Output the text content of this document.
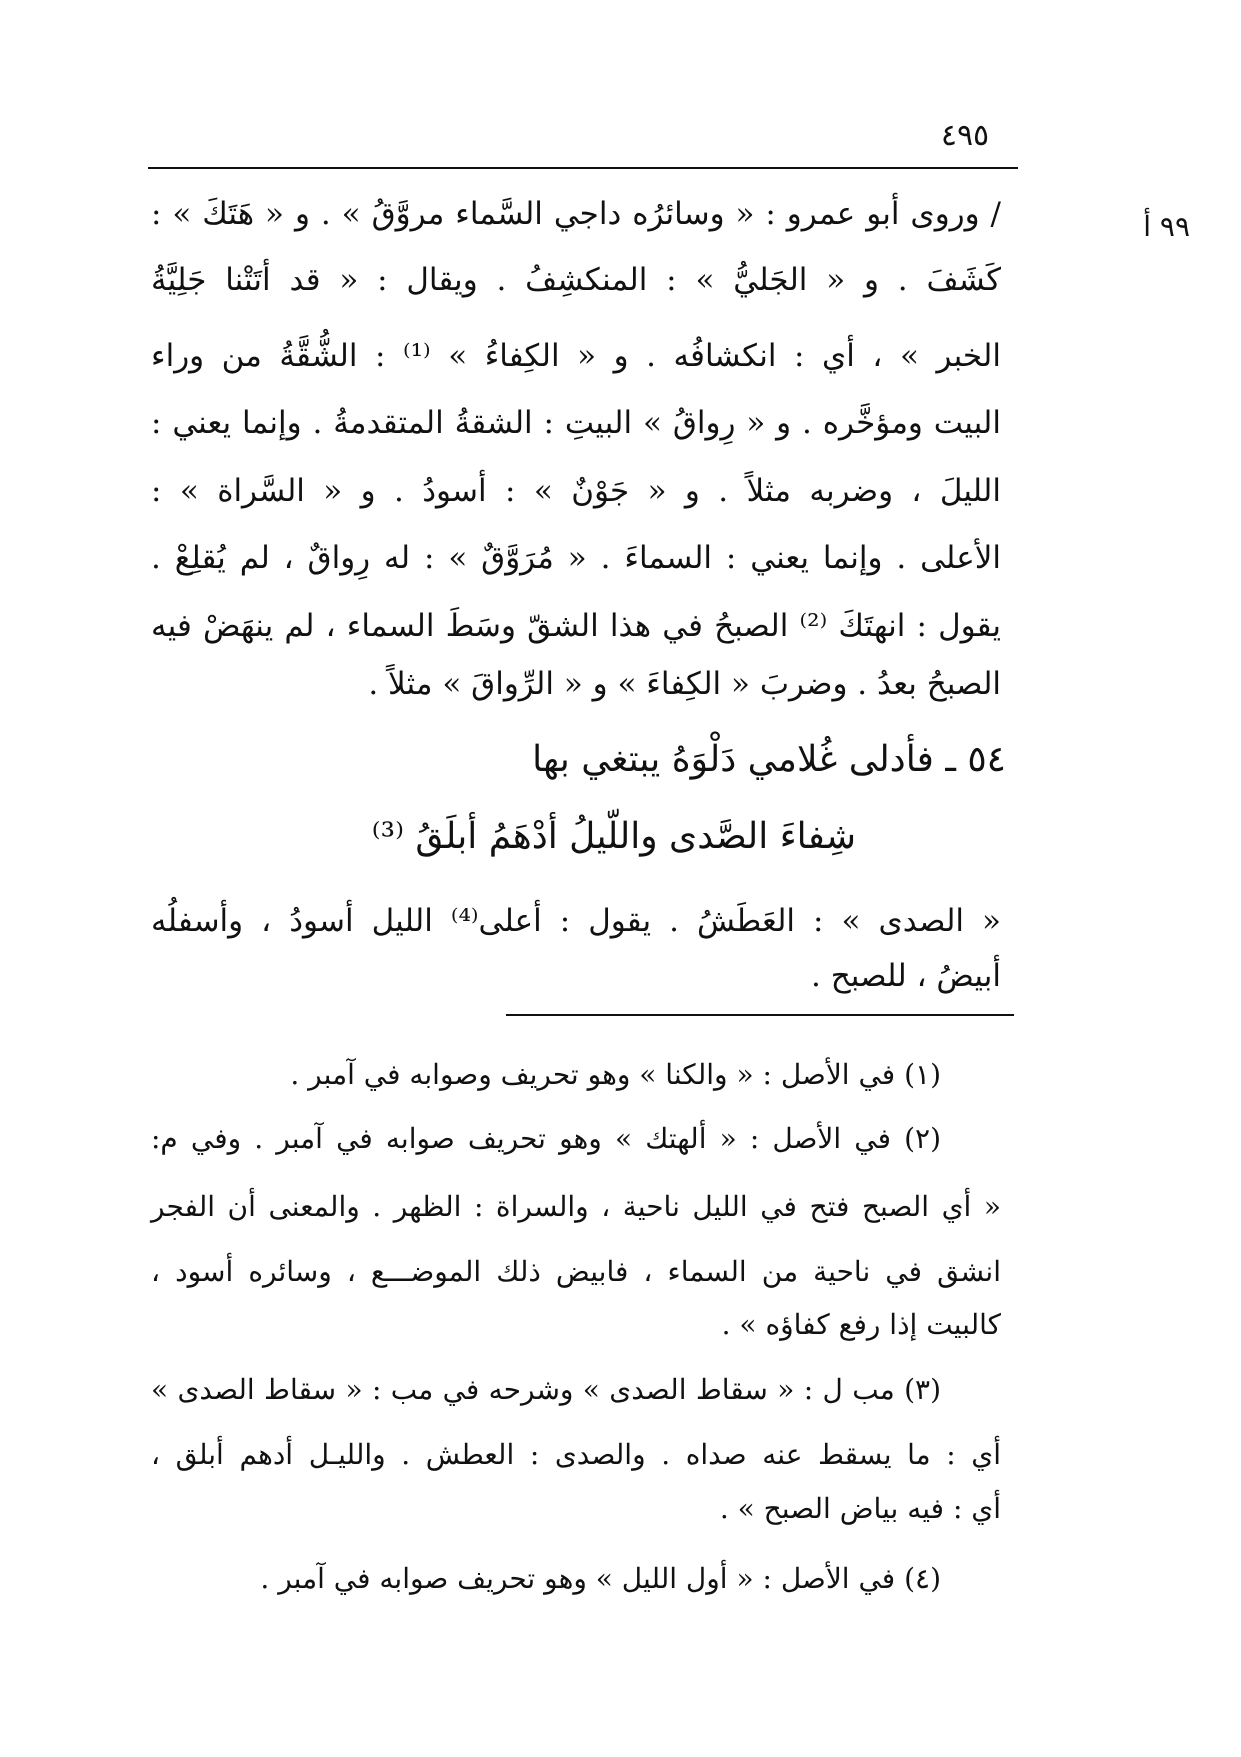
٤٩٥
٩٩ أ
/ وروى أبو عمرو : « وسائرُه داجي السَّماء مروَّقُ » . و « هَتَكَ » :
كَشَفَ . و « الجَليُّ » : المنكشِفُ . ويقال : « قد أتَتْنا جَلِيَّةُ
الخبر » ، أي : انكشافُه . و « الكِفاءُ » ⁽¹⁾ : الشُّقَّةُ من وراء
البيت ومؤخَّره . و « رِواقُ » البيتِ : الشقةُ المتقدمةُ . وإنما يعني :
الليلَ ، وضربه مثلاً . و « جَوْنٌ » : أسودُ . و « السَّراة » :
الأعلى . وإنما يعني : السماءَ . « مُرَوَّقٌ » : له رِواقٌ ، لم يُقلِعْ .
يقول : انهتَكَ ⁽²⁾ الصبحُ في هذا الشقّ وسَطَ السماء ، لم ينهَضْ فيه
الصبحُ بعدُ . وضربَ « الكِفاءَ » و « الرِّواقَ » مثلاً .
٥٤ ـ فأدلى غُلامي دَلْوَهُ يبتغي بها
شِفاءَ الصَّدى واللّيلُ أدْهَمُ أبلَقُ ⁽³⁾
« الصدى » : العَطَشُ . يقول : أعلى⁽⁴⁾ الليل أسودُ ، وأسفلُه
أبيضُ ، للصبح .
(١) في الأصل : « والكنا » وهو تحريف وصوابه في آمبر .
(٢) في الأصل : « ألهتك » وهو تحريف صوابه في آمبر . وفي م:
« أي الصبح فتح في الليل ناحية ، والسراة : الظهر . والمعنى أن الفجر
انشق في ناحية من السماء ، فابيض ذلك الموضـــع ، وسائره أسود ،
كالبيت إذا رفع كفاؤه » .
(٣) مب ل : « سقاط الصدى » وشرحه في مب : « سقاط الصدى »
أي : ما يسقط عنه صداه . والصدى : العطش . والليـل أدهم أبلق ،
أي : فيه بياض الصبح » .
(٤) في الأصل : « أول الليل » وهو تحريف صوابه في آمبر .
